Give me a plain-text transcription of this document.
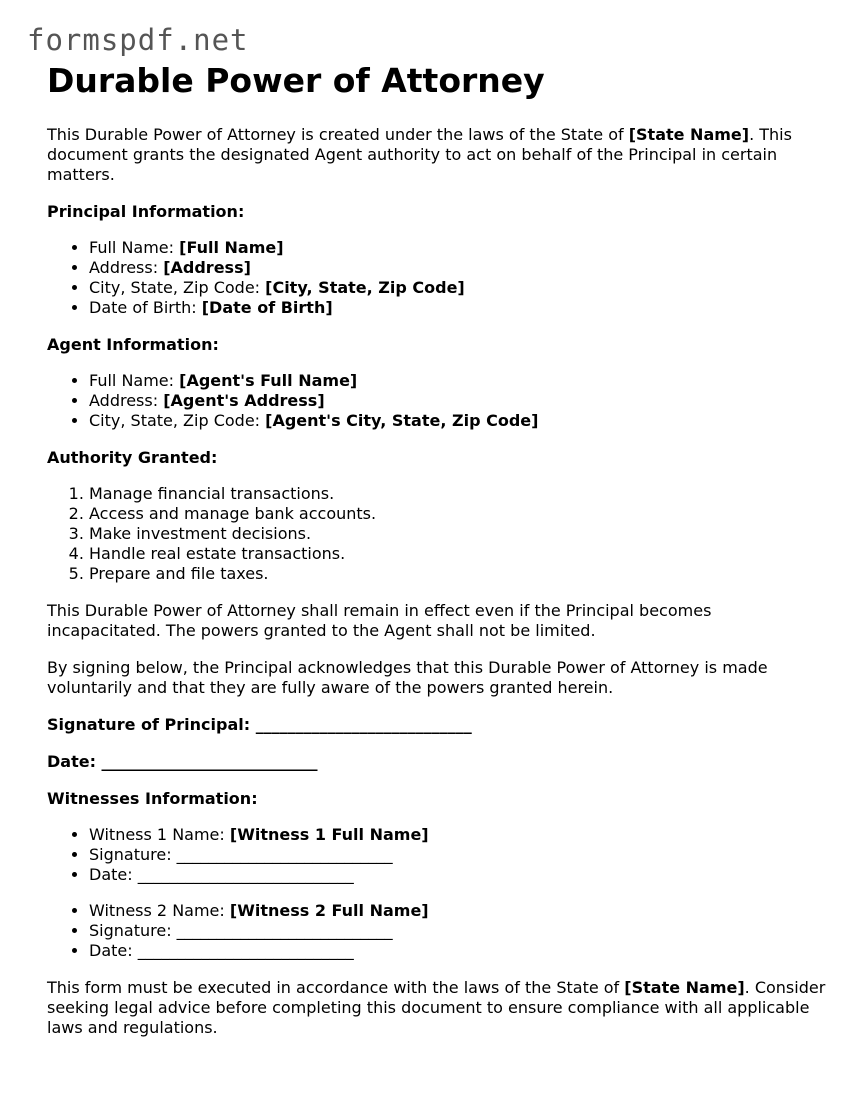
formspdf.net
Durable Power of Attorney

This Durable Power of Attorney is created under the laws of the State of [State Name]. This document grants the designated Agent authority to act on behalf of the Principal in certain matters.

Principal Information:
• Full Name: [Full Name]
• Address: [Address]
• City, State, Zip Code: [City, State, Zip Code]
• Date of Birth: [Date of Birth]
Agent Information:
• Full Name: [Agent's Full Name]
• Address: [Agent's Address]
• City, State, Zip Code: [Agent's City, State, Zip Code]
Authority Granted:
1. Manage financial transactions.
2. Access and manage bank accounts.
3. Make investment decisions.
4. Handle real estate transactions.
5. Prepare and file taxes.

This Durable Power of Attorney shall remain in effect even if the Principal becomes incapacitated. The powers granted to the Agent shall not be limited.

By signing below, the Principal acknowledges that this Durable Power of Attorney is made voluntarily and that they are fully aware of the powers granted herein.

Signature of Principal: ___________________________
Date: ___________________________
Witnesses Information:
• Witness 1 Name: [Witness 1 Full Name]
• Signature: ___________________________
• Date: ___________________________
• Witness 2 Name: [Witness 2 Full Name]
• Signature: ___________________________
• Date: ___________________________

This form must be executed in accordance with the laws of the State of [State Name]. Consider seeking legal advice before completing this document to ensure compliance with all applicable laws and regulations.
